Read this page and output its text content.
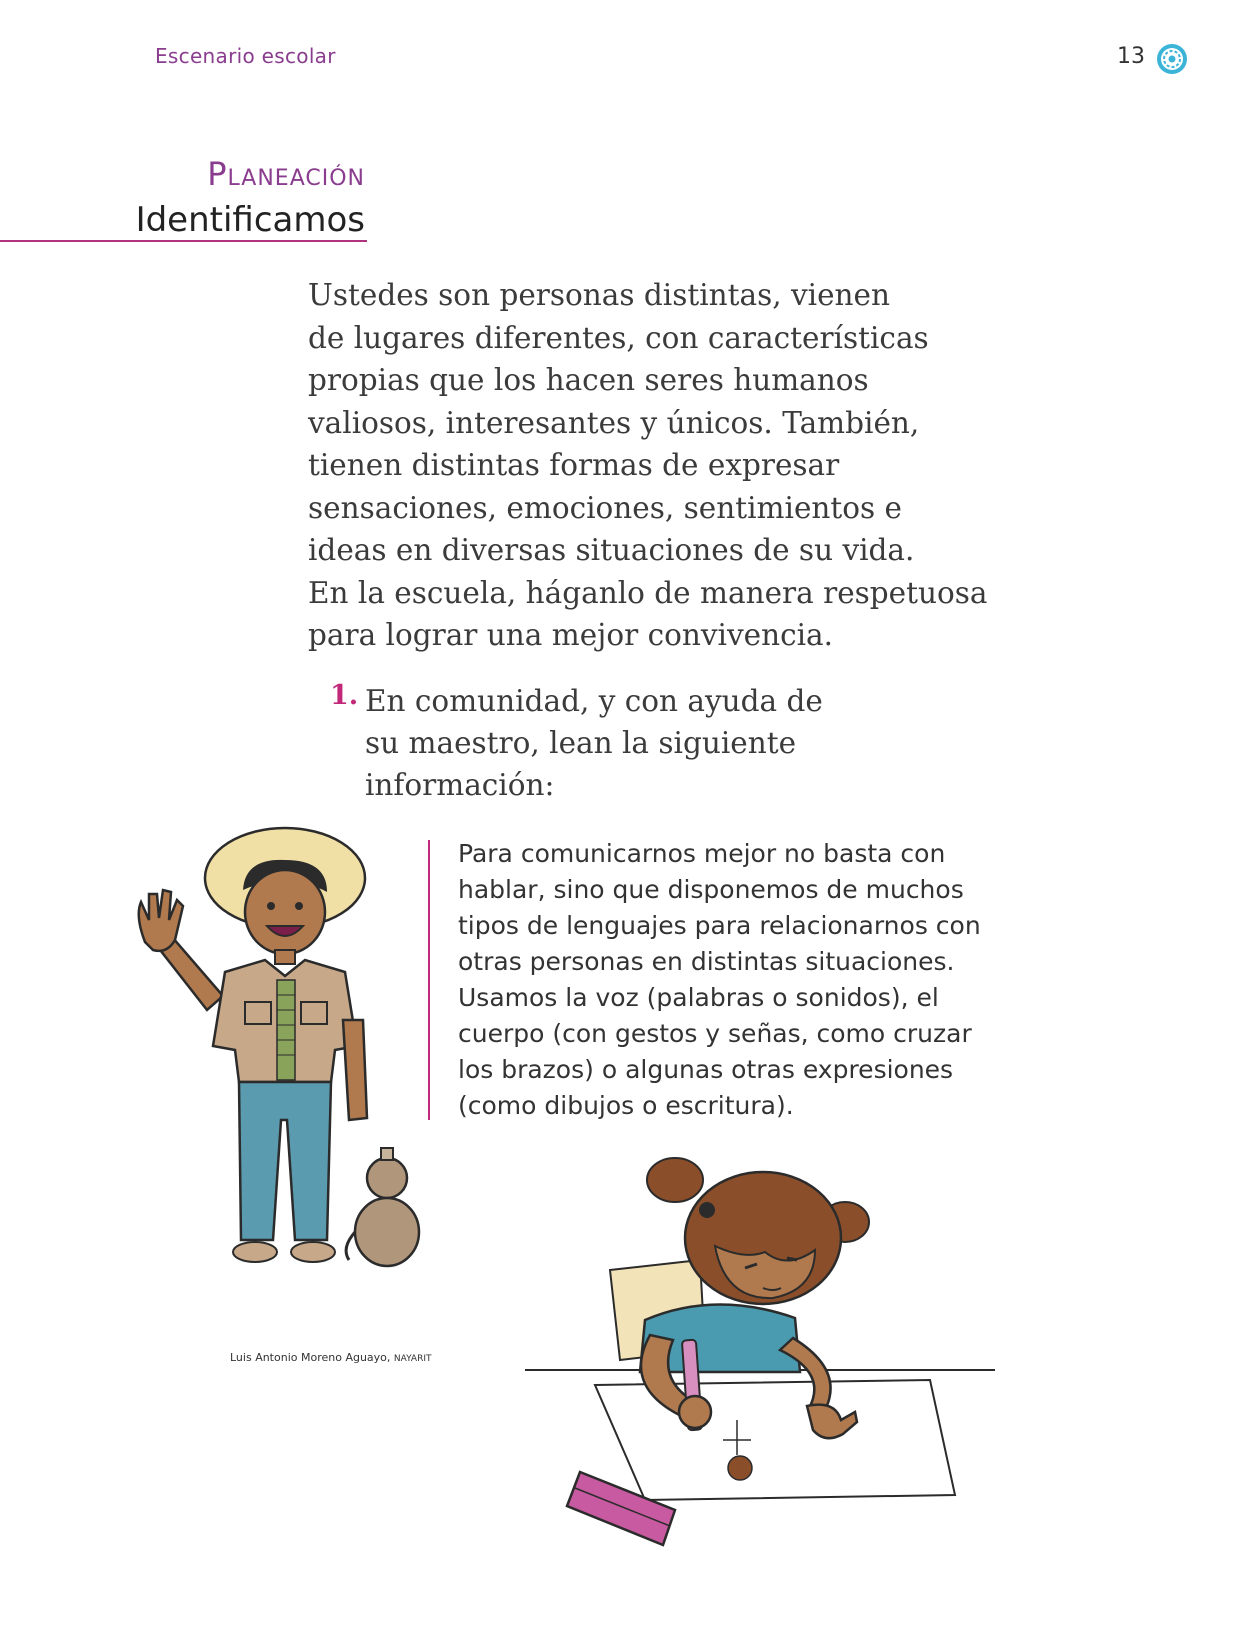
Escenario escolar	13
Planeación
Identificamos

Ustedes son personas distintas, vienen
de lugares diferentes, con características
propias que los hacen seres humanos
valiosos, interesantes y únicos. También,
tienen distintas formas de expresar
sensaciones, emociones, sentimientos e
ideas en diversas situaciones de su vida.
En la escuela, háganlo de manera respetuosa
para lograr una mejor convivencia.

1. En comunidad, y con ayuda de
su maestro, lean la siguiente
información:

Para comunicarnos mejor no basta con
hablar, sino que disponemos de muchos
tipos de lenguajes para relacionarnos con
otras personas en distintas situaciones.
Usamos la voz (palabras o sonidos), el
cuerpo (con gestos y señas, como cruzar
los brazos) o algunas otras expresiones
(como dibujos o escritura).

Luis Antonio Moreno Aguayo, NAYARIT
